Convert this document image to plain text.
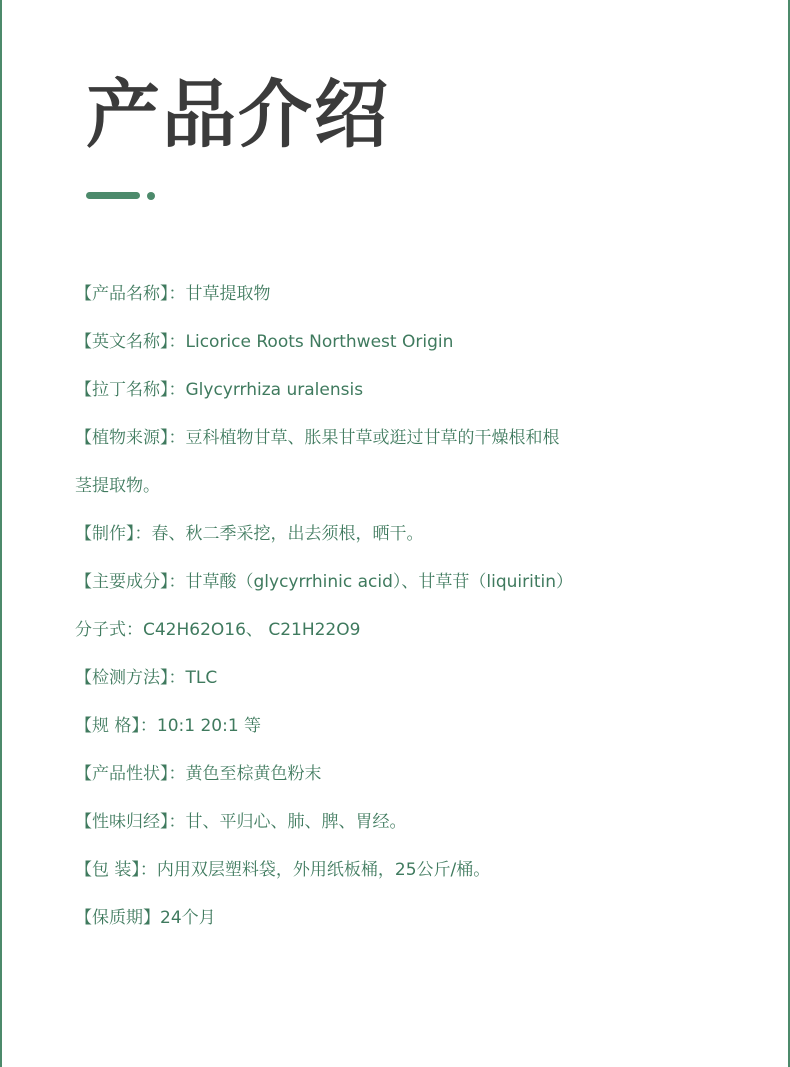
产品介绍
【产品名称】：甘草提取物
【英文名称】：Licorice Roots Northwest Origin
【拉丁名称】：Glycyrrhiza uralensis
【植物来源】：豆科植物甘草、胀果甘草或逛过甘草的干燥根和根
茎提取物。
【制作】：春、秋二季采挖，出去须根，晒干。
【主要成分】：甘草酸（glycyrrhinic acid）、甘草苷（liquiritin）
分子式：C42H62O16、 C21H22O9
【检测方法】：TLC
【规 格】：10:1 20:1 等
【产品性状】：黄色至棕黄色粉末
【性味归经】：甘、平归心、肺、脾、胃经。
【包 装】：内用双层塑料袋，外用纸板桶，25公斤/桶。
【保质期】24个月
